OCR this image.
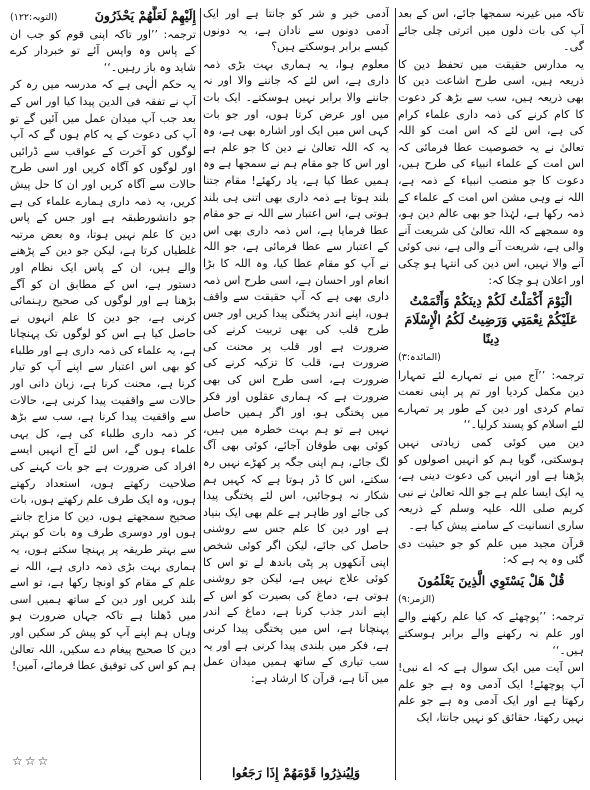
تاکہ میں غیرنہ سمجھا جائے، اس کے بعد آپ کی بات دلوں میں اترتی چلی جائے گی۔

یہ مدارس حقیقت میں تحفظ دین کا ذریعہ ہیں، اسی طرح اشاعت دین کا بھی ذریعہ ہیں، سب سے بڑھ کر دعوت کا کام کرنے کی ذمہ داری علماء کرام کی ہے، اس لئے کہ اس امت کو اللہ تعالیٰ نے یہ خصوصیت عطا فرمائی کہ اس امت کے علماء انبیاء کی طرح ہیں، دعوت کا جو منصب انبیاء کے ذمہ ہے، اللہ نے وہی مشن اس امت کے علماء کے ذمہ رکھا ہے، لہٰذا جو بھی عالم دین ہو، وہ سمجھے کہ اللہ تعالیٰ کی شریعت آنے والی ہے، شریعت آنے والی ہے، نبی کوئی آنے والا نہیں، اس دین کی انتہا ہو چکی اور اعلان ہو چکا کہ:

الْيَوْمَ أَكْمَلْتُ لَكُمْ دِينَكُمْ وَأَتْمَمْتُ عَلَيْكُمْ نِعْمَتِي وَرَضِيتُ لَكُمُ الْإِسْلَامَ دِينًا

(المائدہ:۳)

ترجمہ: ’’آج میں نے تمہارے لئے تمہارا دین مکمل کردیا اور تم پر اپنی نعمت تمام کردی اور دین کے طور پر تمہارے لئے اسلام کو پسند کرلیا۔‘‘

دین میں کوئی کمی زیادتی نہیں ہوسکتی، گویا ہم کو انہیں اصولوں کو پڑھنا ہے اور انہیں کی دعوت دینی ہے، یہ ایک ایسا علم ہے جو اللہ تعالیٰ نے نبی کریم صلی اللہ علیہ وسلم کے ذریعہ ساری انسانیت کے سامنے پیش کیا ہے۔

قرآن مجید میں علم کو جو حیثیت دی گئی وہ یہ ہے کہ:

قُلْ هَلْ يَسْتَوِي الَّذِينَ يَعْلَمُونَ

(الزمر:۹)

ترجمہ: ’’پوچھئے کہ کیا علم رکھنے والے اور علم نہ رکھنے والے برابر ہوسکتے ہیں۔‘‘

اس آیت میں ایک سوال ہے کہ اے نبی! آپ پوچھئے! ایک آدمی وہ ہے جو علم رکھتا ہے اور ایک آدمی وہ ہے جو علم نہیں رکھتا، حقائق کو نہیں جانتا، ایک

آدمی خیر و شر کو جانتا ہے اور ایک آدمی دونوں سے نادان ہے، یہ دونوں کیسے برابر ہوسکتے ہیں؟

معلوم ہوا، یہ ہماری بہت بڑی ذمہ داری ہے، اس لئے کہ جاننے والا اور نہ جاننے والا برابر نہیں ہوسکتے۔ ایک بات میں اور عرض کرتا ہوں، اور جو بات کہی اس میں ایک اور اشارہ بھی ہے، وہ یہ کہ اللہ تعالیٰ نے دین کا جو علم ہے اور اس کا جو مقام ہم نے سمجھا ہے وہ ہمیں عطا کیا ہے، یاد رکھئے! مقام جتنا بلند ہوتا ہے ذمہ داری بھی اتنی ہی بلند ہوتی ہے، اس اعتبار سے اللہ نے جو مقام عطا فرمایا ہے، اس ذمہ داری بھی اس کے اعتبار سے عطا فرمائی ہے، جو اللہ نے آپ کو مقام عطا کیا، وہ اللہ کا بڑا انعام اور احسان ہے، اسی طرح اس ذمہ داری بھی ہے کہ آپ حقیقت سے واقف ہوں، اپنے اندر پختگی پیدا کریں اور جس طرح قلب کی بھی تربیت کرنے کی ضرورت ہے اور قلب پر محنت کی ضرورت ہے، قلب کا تزکیہ کرنے کی ضرورت ہے، اسی طرح اس کی بھی ضرورت ہے کہ ہماری عقلوں اور فکر میں پختگی ہو، اور اگر ہمیں حاصل نہیں ہے تو ہم بہت خطرہ میں ہیں، کوئی بھی طوفان آجائے، کوئی بھی آگ لگ جائے، ہم اپنی جگہ پر کھڑے نہیں رہ سکتے، اس کا ڈر ہوتا ہے کہ کہیں ہم شکار نہ ہوجائیں، اس لئے پختگی پیدا کی جائے اور ظاہر ہے علم بھی ایک بنیاد ہے اور دین کا علم جس سے روشنی حاصل کی جائے، لیکن اگر کوئی شخص اپنی آنکھوں پر پٹی باندھ لے تو اس کا کوئی علاج نہیں ہے، لیکن جو روشنی ہوتی ہے، دماغ کی بصیرت کو اس کے اپنے اندر جذب کرنا ہے، دماغ کے اندر پہنچانا ہے، اس میں پختگی پیدا کرنی ہے، فکر میں بلندی پیدا کرنی ہے اور یہ سب تیاری کے ساتھ ہمیں میدان عمل میں آنا ہے، قرآن کا ارشاد ہے:

وَلِيُنذِرُوا قَوْمَهُمْ إِذَا رَجَعُوا

إِلَيْهِمْ لَعَلَّهُمْ يَحْذَرُونَ
(التوبہ:۱۲۲)

ترجمہ: ’’اور تاکہ اپنی قوم کو جب ان کے پاس وہ واپس آئے تو خبردار کرے شاید وہ باز رہیں۔‘‘

یہ حکم الٰہی ہے کہ مدرسہ میں رہ کر آپ نے تفقہ فی الدین پیدا کیا اور اس کے بعد جب آپ میدان عمل میں آئیں گے تو آپ کی دعوت کے یہ کام ہوں گے کہ آپ لوگوں کو آخرت کے عواقب سے ڈرائیں اور لوگوں کو آگاہ کریں اور اسی طرح حالات سے آگاہ کریں اور ان کا حل پیش کریں، یہ ذمہ داری ہمارے علماء کی ہے جو دانشورطبقہ ہے اور جس کے پاس دین کا علم نہیں ہوتا، وہ بعض مرتبہ غلطیاں کرتا ہے، لیکن جو دین کے پڑھنے والے ہیں، ان کے پاس ایک نظام اور دستور ہے، اس کے مطابق ان کو آگے بڑھنا ہے اور لوگوں کی صحیح رہنمائی کرنی ہے، جو دین کا علم انہوں نے حاصل کیا ہے اس کو لوگوں تک پہنچانا ہے، یہ علماء کی ذمہ داری ہے اور طلباء کو بھی اس اعتبار سے اپنے آپ کو تیار کرنا ہے، محنت کرنا ہے، زبان دانی اور حالات سے واقفیت پیدا کرنی ہے، حالات سے واقفیت پیدا کرنا ہے، سب سے بڑھ کر ذمہ داری طلباء کی ہے، کل یہی علماء ہوں گے، اس لئے آج انہیں ایسے افراد کی ضرورت ہے جو بات کہنے کی صلاحیت رکھتے ہوں، استعداد رکھتے ہوں، وہ ایک طرف علم رکھتے ہوں، بات صحیح سمجھتے ہوں، دین کا مزاج جانتے ہوں اور دوسری طرف وہ بات کو بہتر سے بہتر طریقہ پر پہنچا سکتے ہوں، یہ ہماری بہت بڑی ذمہ داری ہے، اللہ نے علم کے مقام کو اونچا رکھا ہے، تو اسے بلند کریں اور دین کے ساتھ ہمیں اسی میں ڈھلنا ہے تاکہ جہاں ضرورت ہو وہاں ہم اپنے آپ کو پیش کر سکیں اور دین کا صحیح پیغام دے سکیں، اللہ تعالیٰ ہم کو اس کی توفیق عطا فرمائے، آمین!

☆☆☆
